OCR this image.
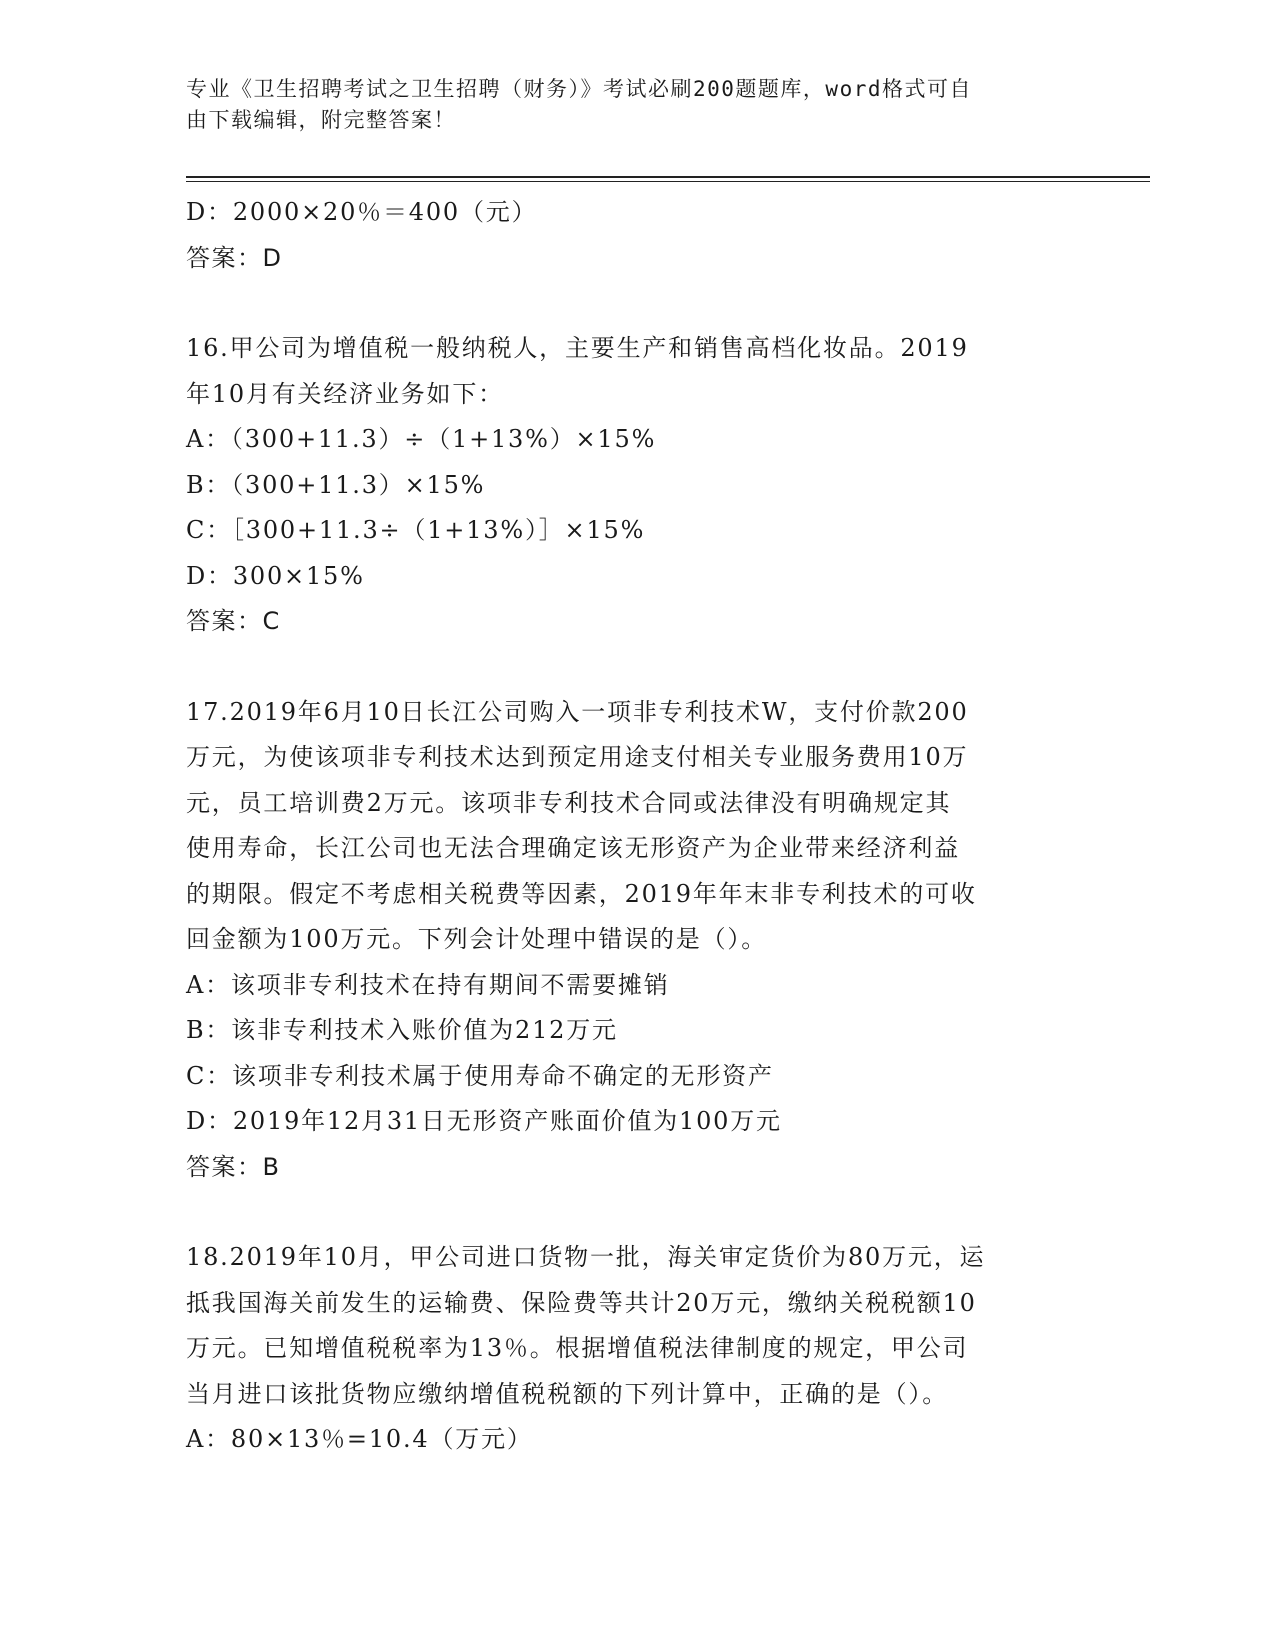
专业《卫生招聘考试之卫生招聘（财务）》考试必刷200题题库，word格式可自
由下载编辑，附完整答案！
D：2000×20％＝400（元）
答案：D
16.甲公司为增值税一般纳税人，主要生产和销售高档化妆品。2019
年10月有关经济业务如下：
A：（300+11.3）÷（1+13%）×15%
B：（300+11.3）×15%
C：［300+11.3÷（1+13%）］×15%
D：300×15%
答案：C
17.2019年6月10日长江公司购入一项非专利技术W，支付价款200
万元，为使该项非专利技术达到预定用途支付相关专业服务费用10万
元，员工培训费2万元。该项非专利技术合同或法律没有明确规定其
使用寿命，长江公司也无法合理确定该无形资产为企业带来经济利益
的期限。假定不考虑相关税费等因素，2019年年末非专利技术的可收
回金额为100万元。下列会计处理中错误的是（）。
A：该项非专利技术在持有期间不需要摊销
B：该非专利技术入账价值为212万元
C：该项非专利技术属于使用寿命不确定的无形资产
D：2019年12月31日无形资产账面价值为100万元
答案：B
18.2019年10月，甲公司进口货物一批，海关审定货价为80万元，运
抵我国海关前发生的运输费、保险费等共计20万元，缴纳关税税额10
万元。已知增值税税率为13％。根据增值税法律制度的规定，甲公司
当月进口该批货物应缴纳增值税税额的下列计算中，正确的是（）。
A：80×13％=10.4（万元）
